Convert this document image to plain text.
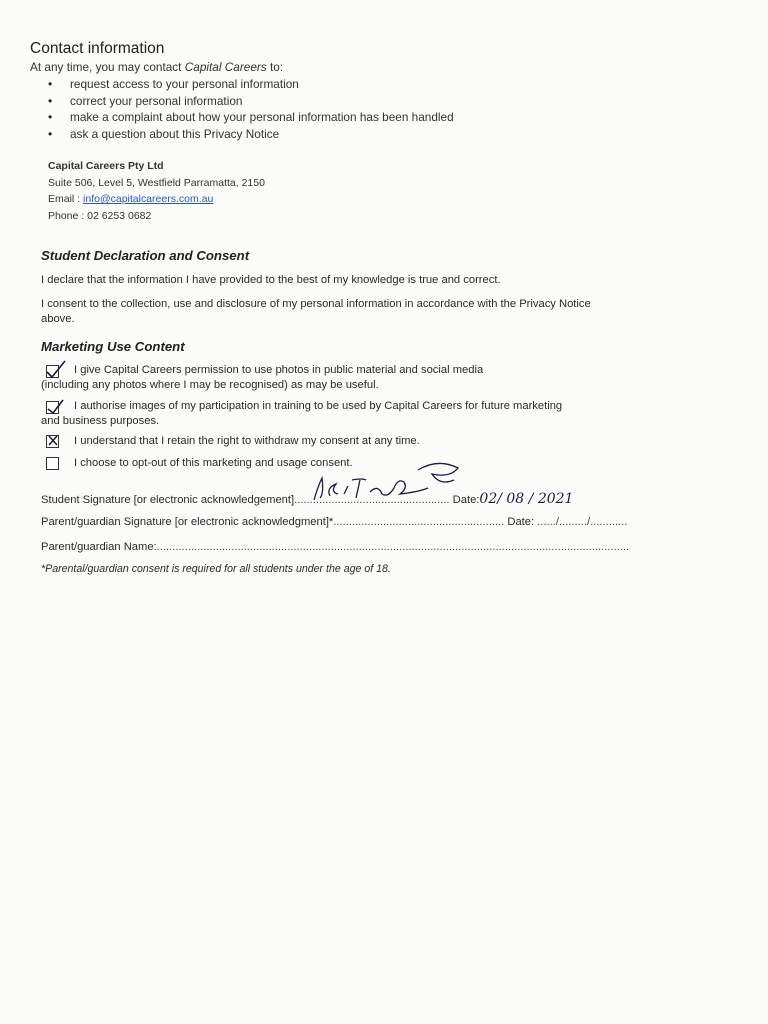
Contact information
At any time, you may contact Capital Careers to:
• request access to your personal information
• correct your personal information
• make a complaint about how your personal information has been handled
• ask a question about this Privacy Notice
Capital Careers Pty Ltd
Suite 506, Level 5, Westfield Parramatta, 2150
Email : info@capitalcareers.com.au
Phone : 02 6253 0682
Student Declaration and Consent
I declare that the information I have provided to the best of my knowledge is true and correct.
I consent to the collection, use and disclosure of my personal information in accordance with the Privacy Notice
above.
Marketing Use Content
I give Capital Careers permission to use photos in public material and social media
(including any photos where I may be recognised) as may be useful.
I authorise images of my participation in training to be used by Capital Careers for future marketing
and business purposes.
I understand that I retain the right to withdraw my consent at any time.
I choose to opt-out of this marketing and usage consent.
Student Signature [or electronic acknowledgement].................................................. Date:02/ 08 / 2021
Parent/guardian Signature [or electronic acknowledgment]*....................................................... Date: ....../........./............
Parent/guardian Name:........................................................................................................................................................
*Parental/guardian consent is required for all students under the age of 18.
